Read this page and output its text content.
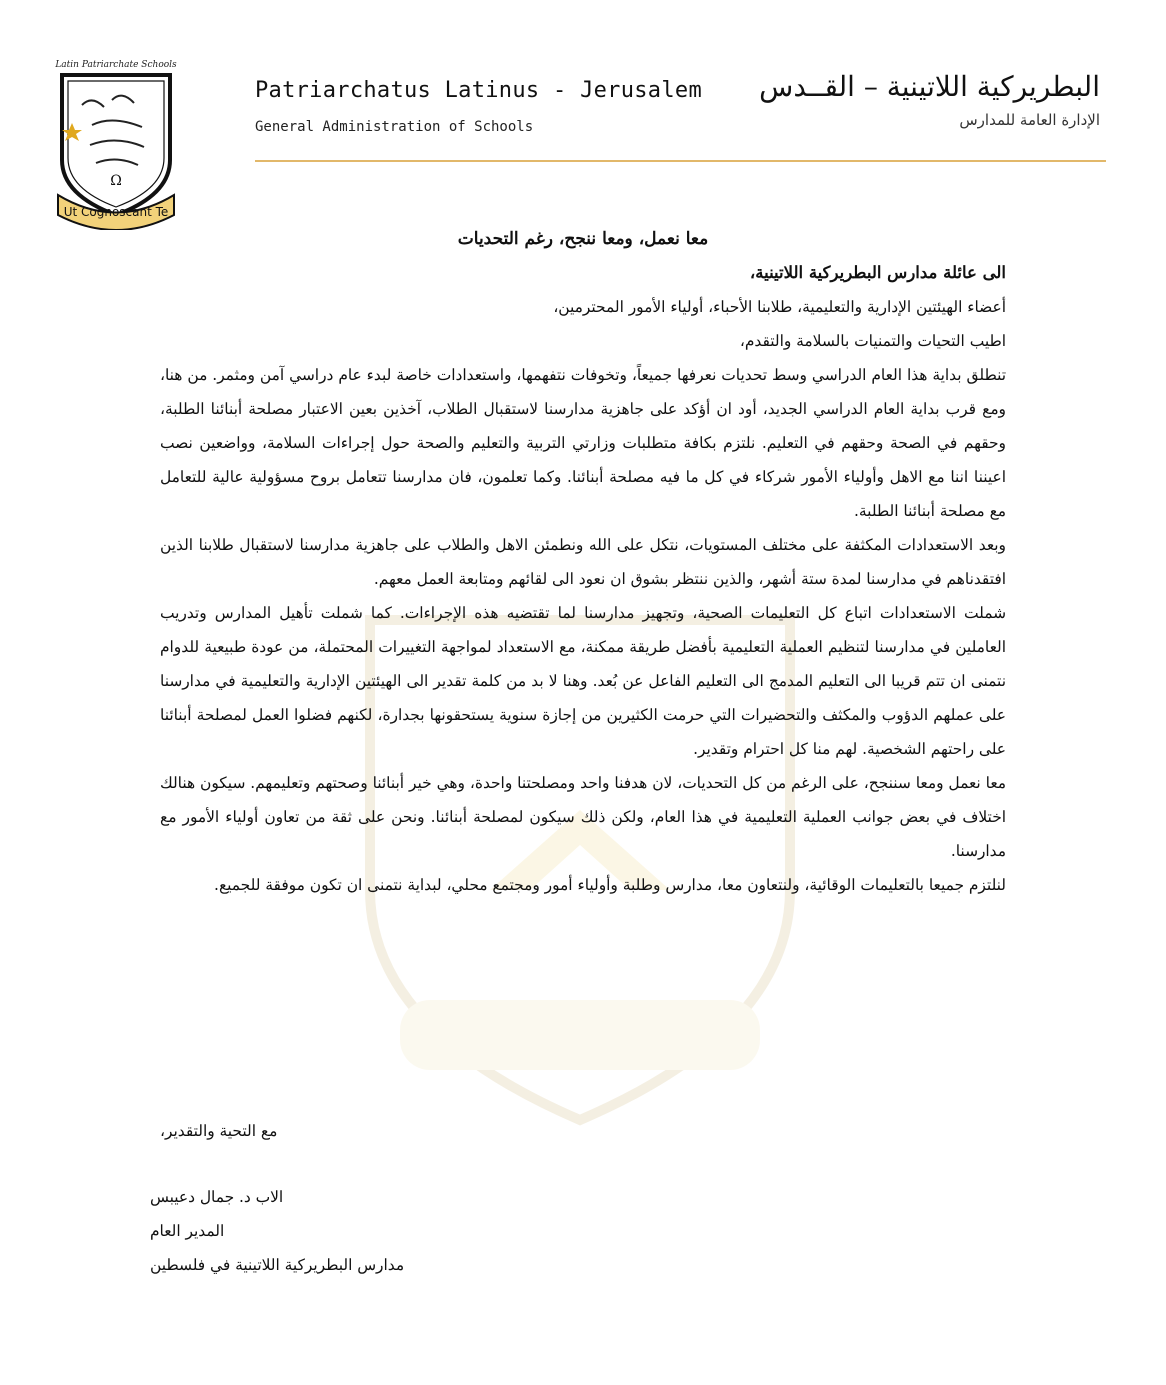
Latin Patriarchate Schools
Ω
Ut Cognoscant Te
Patriarchatus Latinus - Jerusalem
General Administration of Schools
البطريركية اللاتينية – القــدس
الإدارة العامة للمدارس

معا نعمل، ومعا ننجح، رغم التحديات

الى عائلة مدارس البطريركية اللاتينية،

أعضاء الهيئتين الإدارية والتعليمية، طلابنا الأحباء، أولياء الأمور المحترمين،

اطيب التحيات والتمنيات بالسلامة والتقدم،

تنطلق بداية هذا العام الدراسي وسط تحديات نعرفها جميعاً، وتخوفات نتفهمها، واستعدادات خاصة لبدء عام دراسي آمن ومثمر. من هنا، ومع قرب بداية العام الدراسي الجديد، أود ان أؤكد على جاهزية مدارسنا لاستقبال الطلاب، آخذين بعين الاعتبار مصلحة أبنائنا الطلبة، وحقهم في الصحة وحقهم في التعليم. نلتزم بكافة متطلبات وزارتي التربية والتعليم والصحة حول إجراءات السلامة، وواضعين نصب اعيننا اننا مع الاهل وأولياء الأمور شركاء في كل ما فيه مصلحة أبنائنا. وكما تعلمون، فان مدارسنا تتعامل بروح مسؤولية عالية للتعامل مع مصلحة أبنائنا الطلبة.

وبعد الاستعدادات المكثفة على مختلف المستويات، نتكل على الله ونطمئن الاهل والطلاب على جاهزية مدارسنا لاستقبال طلابنا الذين افتقدناهم في مدارسنا لمدة ستة أشهر، والذين ننتظر بشوق ان نعود الى لقائهم ومتابعة العمل معهم.

شملت الاستعدادات اتباع كل التعليمات الصحية، وتجهيز مدارسنا لما تقتضيه هذه الإجراءات. كما شملت تأهيل المدارس وتدريب العاملين في مدارسنا لتنظيم العملية التعليمية بأفضل طريقة ممكنة، مع الاستعداد لمواجهة التغييرات المحتملة، من عودة طبيعية للدوام نتمنى ان تتم قريبا الى التعليم المدمج الى التعليم الفاعل عن بُعد. وهنا لا بد من كلمة تقدير الى الهيئتين الإدارية والتعليمية في مدارسنا على عملهم الدؤوب والمكثف والتحضيرات التي حرمت الكثيرين من إجازة سنوية يستحقونها بجدارة، لكنهم فضلوا العمل لمصلحة أبنائنا على راحتهم الشخصية. لهم منا كل احترام وتقدير.

معا نعمل ومعا سننجح، على الرغم من كل التحديات، لان هدفنا واحد ومصلحتنا واحدة، وهي خير أبنائنا وصحتهم وتعليمهم. سيكون هنالك اختلاف في بعض جوانب العملية التعليمية في هذا العام، ولكن ذلك سيكون لمصلحة أبنائنا. ونحن على ثقة من تعاون أولياء الأمور مع مدارسنا.

لنلتزم جميعا بالتعليمات الوقائية، ولنتعاون معا، مدارس وطلبة وأولياء أمور ومجتمع محلي، لبداية نتمنى ان تكون موفقة للجميع.

مع التحية والتقدير،
الاب د. جمال دعيبس
المدير العام
مدارس البطريركية اللاتينية في فلسطين
